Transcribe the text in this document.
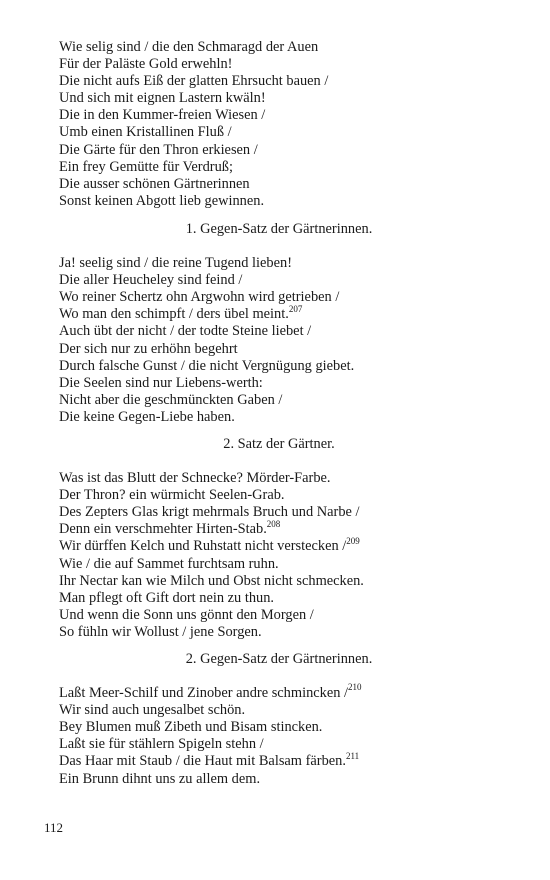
Wie selig sind / die den Schmaragd der Auen
Für der Paläste Gold erwehln!
Die nicht aufs Eiß der glatten Ehrsucht bauen /
Und sich mit eignen Lastern kwäln!
Die in den Kummer-freien Wiesen /
Umb einen Kristallinen Fluß /
Die Gärte für den Thron erkiesen /
Ein frey Gemütte für Verdruß;
Die ausser schönen Gärtnerinnen
Sonst keinen Abgott lieb gewinnen.
1. Gegen-Satz der Gärtnerinnen.
Ja! seelig sind / die reine Tugend lieben!
Die aller Heucheley sind feind /
Wo reiner Schertz ohn Argwohn wird getrieben /
Wo man den schimpft / ders übel meint.$^{207}$
Auch übt der nicht / der todte Steine liebet /
Der sich nur zu erhöhn begehrt
Durch falsche Gunst / die nicht Vergnügung giebet.
Die Seelen sind nur Liebens-werth:
Nicht aber die geschmünckten Gaben /
Die keine Gegen-Liebe haben.
2. Satz der Gärtner.
Was ist das Blutt der Schnecke? Mörder-Farbe.
Der Thron? ein würmicht Seelen-Grab.
Des Zepters Glas krigt mehrmals Bruch und Narbe /
Denn ein verschmehter Hirten-Stab.$^{208}$
Wir dürffen Kelch und Ruhstatt nicht verstecken /$^{209}$
Wie / die auf Sammet furchtsam ruhn.
Ihr Nectar kan wie Milch und Obst nicht schmecken.
Man pflegt oft Gift dort nein zu thun.
Und wenn die Sonn uns gönnt den Morgen /
So fühln wir Wollust / jene Sorgen.
2. Gegen-Satz der Gärtnerinnen.
Laßt Meer-Schilf und Zinober andre schmincken /$^{210}$
Wir sind auch ungesalbet schön.
Bey Blumen muß Zibeth und Bisam stincken.
Laßt sie für stählern Spigeln stehn /
Das Haar mit Staub / die Haut mit Balsam färben.$^{211}$
Ein Brunn dihnt uns zu allem dem.
112
